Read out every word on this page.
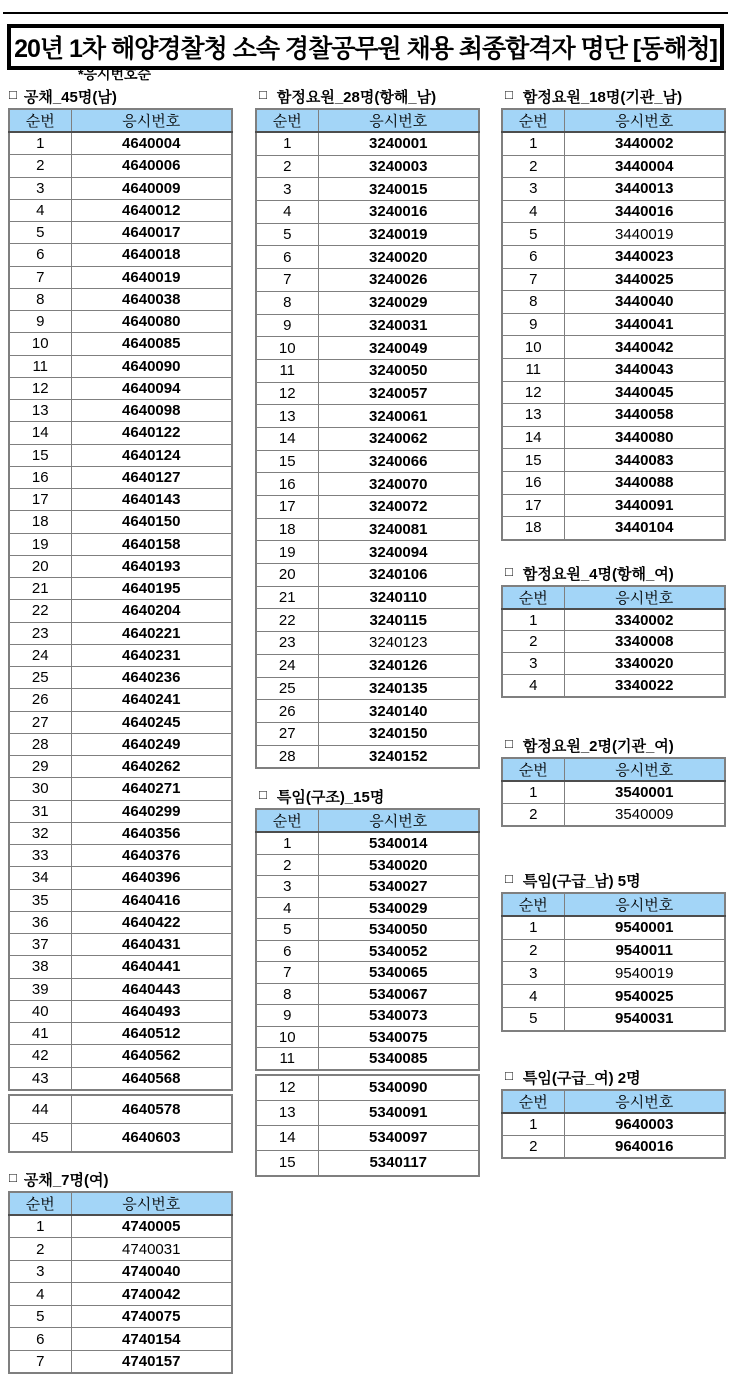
20년 1차 해양경찰청 소속 경찰공무원 채용 최종합격자 명단 [동해청]
*응시번호순
□ 공채_45명(남)
순번	응시번호
1	4640004
2	4640006
3	4640009
4	4640012
5	4640017
6	4640018
7	4640019
8	4640038
9	4640080
10	4640085
11	4640090
12	4640094
13	4640098
14	4640122
15	4640124
16	4640127
17	4640143
18	4640150
19	4640158
20	4640193
21	4640195
22	4640204
23	4640221
24	4640231
25	4640236
26	4640241
27	4640245
28	4640249
29	4640262
30	4640271
31	4640299
32	4640356
33	4640376
34	4640396
35	4640416
36	4640422
37	4640431
38	4640441
39	4640443
40	4640493
41	4640512
42	4640562
43	4640568
44	4640578
45	4640603
□ 공채_7명(여)
순번	응시번호
1	4740005
2	4740031
3	4740040
4	4740042
5	4740075
6	4740154
7	4740157
□ 함정요원_28명(항해_남)
순번	응시번호
1	3240001
2	3240003
3	3240015
4	3240016
5	3240019
6	3240020
7	3240026
8	3240029
9	3240031
10	3240049
11	3240050
12	3240057
13	3240061
14	3240062
15	3240066
16	3240070
17	3240072
18	3240081
19	3240094
20	3240106
21	3240110
22	3240115
23	3240123
24	3240126
25	3240135
26	3240140
27	3240150
28	3240152
□ 특임(구조)_15명
순번	응시번호
1	5340014
2	5340020
3	5340027
4	5340029
5	5340050
6	5340052
7	5340065
8	5340067
9	5340073
10	5340075
11	5340085
12	5340090
13	5340091
14	5340097
15	5340117
□ 함정요원_18명(기관_남)
순번	응시번호
1	3440002
2	3440004
3	3440013
4	3440016
5	3440019
6	3440023
7	3440025
8	3440040
9	3440041
10	3440042
11	3440043
12	3440045
13	3440058
14	3440080
15	3440083
16	3440088
17	3440091
18	3440104
□ 함정요원_4명(항해_여)
순번	응시번호
1	3340002
2	3340008
3	3340020
4	3340022
□ 함정요원_2명(기관_여)
순번	응시번호
1	3540001
2	3540009
□ 특임(구급_남) 5명
순번	응시번호
1	9540001
2	9540011
3	9540019
4	9540025
5	9540031
□ 특임(구급_여) 2명
순번	응시번호
1	9640003
2	9640016
